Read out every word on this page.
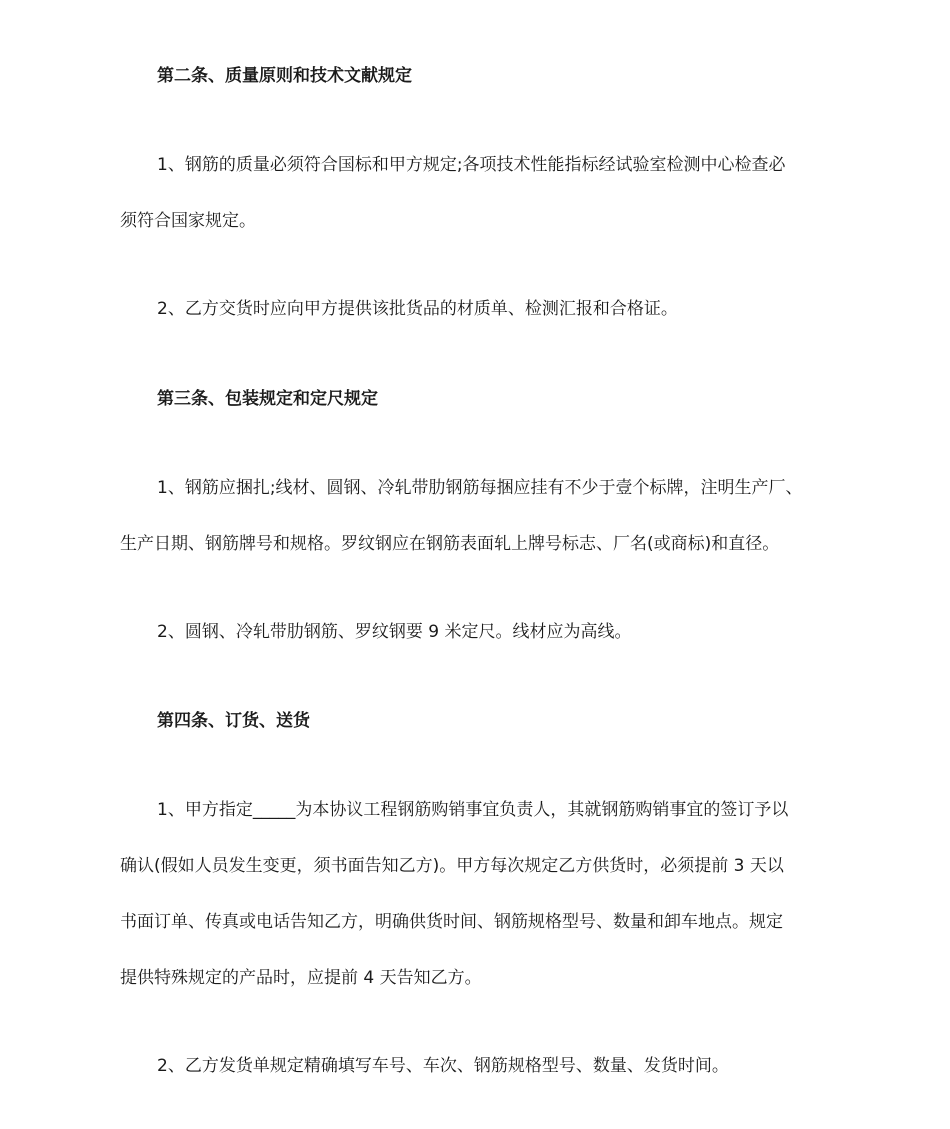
第二条、质量原则和技术文献规定

1、钢筋的质量必须符合国标和甲方规定;各项技术性能指标经试验室检测中心检查必

须符合国家规定。

2、乙方交货时应向甲方提供该批货品的材质单、检测汇报和合格证。

第三条、包装规定和定尺规定

1、钢筋应捆扎;线材、圆钢、冷轧带肋钢筋每捆应挂有不少于壹个标牌，注明生产厂、

生产日期、钢筋牌号和规格。罗纹钢应在钢筋表面轧上牌号标志、厂名(或商标)和直径。

2、圆钢、冷轧带肋钢筋、罗纹钢要 9 米定尺。线材应为高线。

第四条、订货、送货

1、甲方指定_____为本协议工程钢筋购销事宜负责人，其就钢筋购销事宜的签订予以

确认(假如人员发生变更，须书面告知乙方)。甲方每次规定乙方供货时，必须提前 3 天以

书面订单、传真或电话告知乙方，明确供货时间、钢筋规格型号、数量和卸车地点。规定

提供特殊规定的产品时，应提前 4 天告知乙方。

2、乙方发货单规定精确填写车号、车次、钢筋规格型号、数量、发货时间。
